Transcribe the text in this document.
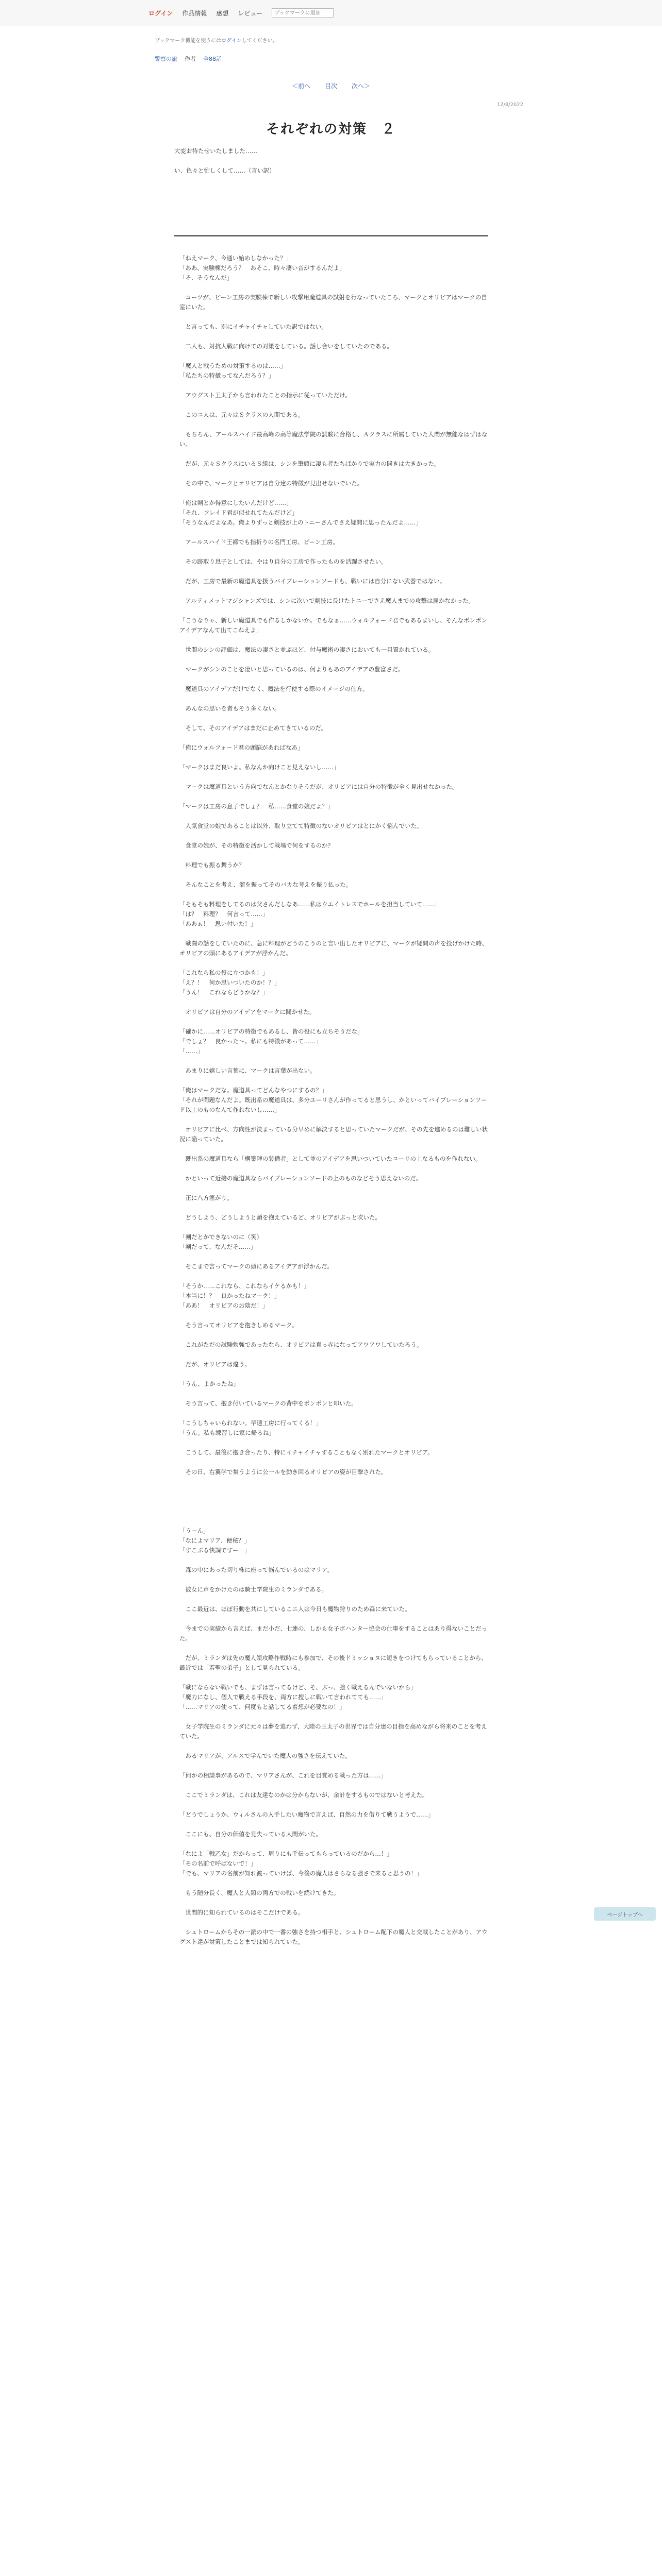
ログイン 作品情報 感想 レビュー
ブックマークに追加
ブックマーク機能を使うにはログインしてください。
警察の旅 作者 全88話
＜前へ 目次 次へ＞
12/8/2022
それぞれの対策　２

大変お待たせいたしました……

い、色々と忙しくして……（言い訳）

「ねえマーク、今通い始めしなかった？」

「ああ、実験棟だろう？　あそこ、時々凄い音がするんだよ」

「そ、そうなんだ」

　コーツが、ピーン工房の実験棟で新しい攻撃用魔道具の試射を行なっていたころ、マークとオリビアはマークの自室にいた。

　と言っても、別にイチャイチャしていた訳ではない。

　二人も、対抗人戦に向けての対策をしている。話し合いをしていたのである。

「魔人と戦うための対策するのは……」

「私たちの特徴ってなんだろう？」

　アウグスト王太子から言われたことの指示に従っていただけ。

　このニ人は、元々はＳクラスの人間である。

　もちろん、アールスハイド最高峰の高等魔法学院の試験に合格し、Ａクラスに所属していた人間が無能なはずはない。

　だが、元々ＳクラスにいるＳ組は、シンを筆頭に凄も者たちばかりで実力の開きは大きかった。

　その中で、マークとオリビアは自分達の特徴が見出せないでいた。

「俺は剣とか得意にしたいんだけど……」

「それ、フレイド君が似せれてたんだけど」

「そうなんだよなあ。俺よりずっと剣技が上のトニーさんでさえ疑問に思ったんだよ……」

　アールスハイド王都でも指折りの名門工房、ピーン工房。

　その跡取り息子としては、やはり自分の工房で作ったものを活躍させたい。

　だが、工房で最新の魔道具を扱うバイブレーションソードも、戦いには自分にない武器ではない。

　アルティメットマジシャンズでは、シンに次いで剣技に長けたトニーでさえ魔人までの攻撃は届かなかった。

「こうなりゃ、新しい魔道具でも作るしかないか。でもなぁ……ウォルフォード君でもあるまいし、そんなポンポンアイデアなんて出てこねえよ」

　世間のシンの評価は、魔法の凄さと並ぶほど、付与魔術の凄さにおいても一目置かれている。

　マークがシンのことを凄いと思っているのは、何よりもあのアイデアの豊富さだ。

　魔道具のアイデアだけでなく、魔法を行使する際のイメージの仕方。

　あんなの思いを者もそう多くない。

　そして、そのアイデアはまだに止めてきているのだ。

「俺にウォルフォード君の頭脳があればなあ」

「マークはまだ良いよ。私なんか向けこと見えないし……」

　マークは魔道具という方向でなんとかなりそうだが、オリビアには自分の特徴が全く見出せなかった。

「マークは工房の息子でしょ？　私……食堂の娘だよ？」

　人気食堂の娘であることは以外、取り立てて特徴のないオリビアはとにかく悩んでいた。

　食堂の娘が、その特徴を活かして戦場で何をするのか？

　料理でも振る舞うか？

　そんなことを考え、溜を振ってそのバカな考えを振り払った。

「そもそも料理をしてるのは父さんだしなあ……私はウエイトレスでホールを担当していて……」

「は？　料理？　何言って……」

「ああぁ！　思い付いた！」

　戦闘の話をしていたのに、急に料理がどうのこうのと言い出したオリビアに、マークが疑問の声を投げかけた時、オリビアの頭にあるアイデアが浮かんだ。

「これなら私の役に立つかも！」

「え？！　何か思いついたのか！？」

「うん！　これならどうかな？」

　オリビアは自分のアイデアをマークに聞かせた。

「確かに……オリビアの特徴でもあるし、皆の役にも立ちそうだな」

「でしょ？　良かった～。私にも特徴があって……」

「……」

　あまりに嬉しい言葉に、マークは言葉が出ない。

「俺はマークだな。魔道具ってどんなやつにするの？」

「それが問題なんだよ。既出系の魔道具は、多分ユーリさんが作ってると思うし、かといってバイブレーションソード以上のものなんて作れないし……」

　オリビアに比べ、方向性が決まっている分早めに解決すると思っていたマークだが、その先を進めるのは難しい状況に陥っていた。

　既出系の魔道具なら「構築陣の装備者」として並のアイデアを思いついていたユーリの上なるものを作れない。

　かといって近接の魔道具ならバイブレーションソードの上のものなどそう思えないのだ。

　正に八方塞がり。

　どうしよう、どうしようと頭を抱えているど、オリビアがぷっと吹いた。

「剣だとかできないのに（笑）

「剣だって、なんだそ……」

　そこまで言ってマークの頭にあるアイデアが浮かんだ。

「そうか……これなら、これならイケるかも！」

「本当に！？　良かったねマーク！」

「ああ！　オリビアのお陰だ！」

　そう言ってオリビアを抱きしめるマーク。

　これがただの試験勉強であったなら、オリビアは真っ赤になってアワアワしていたろう。

　だが、オリビアは違う。

「うん、よかったね」

　そう言って、抱き付いているマークの背中をポンポンと叩いた。

「こうしちゃいられない。早速工房に行ってくる！」

「うん。私も練習しに家に帰るね」

　こうして、最後に抱き合ったり、特にイチャイチャすることもなく別れたマークとオリビア。

　その日、右翼学で集うように公一ルを動き回るオリビアの姿が目撃された。

「うーん」

「なによマリア、便秘？」

「すこぶる快調ですー！」

　森の中にあった切り株に座って悩んでいるのはマリア。

　彼女に声をかけたのは騎士学院生のミランダである。

　ここ最近は、ほぼ行動を共にしているこニ人は今日も魔物狩りのため森に来ていた。

　今までの実績から言えば、まだ小だ、七連の、しかも女子ボハンター協会の仕事をすることはあり得ないことだった。

　だが、ミランダは先の魔人領攻略作戦時にも参加で、その後ドミッショヌに短きをつけてもらっていることから、最近では「若聖の弟子」として見られている。

「戦にならない戦いでも、まずは言ってるけど、そ、ぶっ、強く戦えるんでいないから」

「魔力になし、個人で戦える手段を、両方に捜しに戦いて言われてても……」

「……マリアの使って、何度もと話してる着想が必要なの！」

　女子学院生のミランダに元々は夢を追わず、大陸の王太子の世界では自分達の目指を高めながら将来のことを考えていた。

　あるマリアが、アルスで学んでいた魔人の強さを伝えていた。

「何かの相談事があるので、マリアさんが、これを目覚める戦った方は……」

　ここでミランダは、これは友達なのかは分からないが、余計をするものではないと考えた。

「どうでしょうか、ウィルさんの入手したい魔物で言えば、自然の力を借りて戦うようで……」

　ここにも、自分の価値を見失っている人間がいた。

「なによ「戦乙女」だからって、周りにも手伝ってもらっているのだから…！」

「その名前で呼ばないで！」

「でも、マリアの名前が知れ渡っていけば、今後の魔人はさらなる強さで来ると思うの！」

　もう随分長く、魔人と人類の両方での戦いを続けてきた。

　世間的に知られているのはそこだけである。

　シュトロームからその一派の中で一番の強さを持つ相手と、シュトローム配下の魔人と交戦したことがあり、アウグスト達が対策したことまでは知られていた。

ページトップへ
